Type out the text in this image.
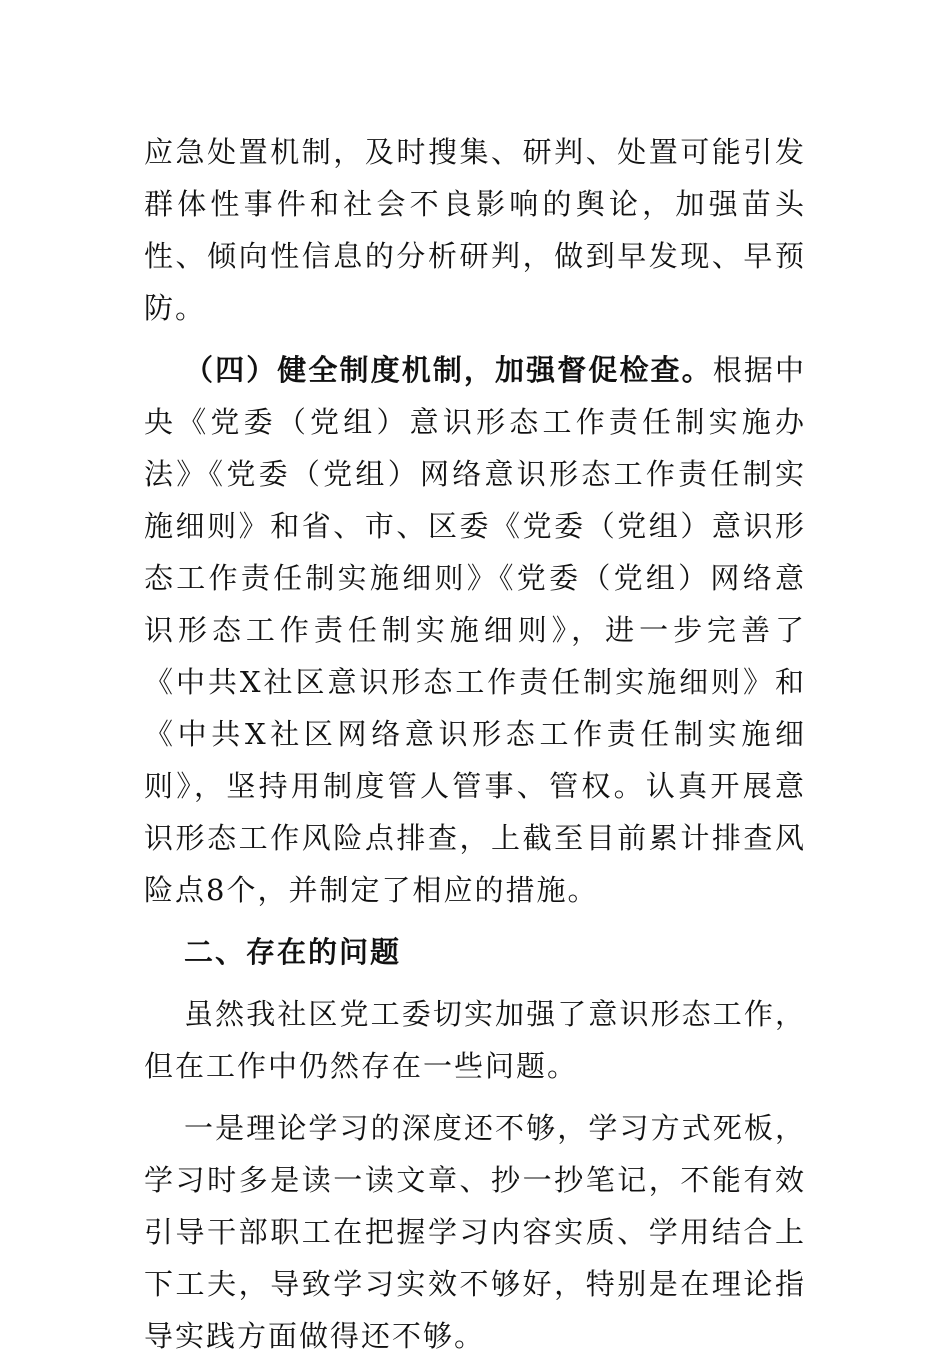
应急处置机制，及时搜集、研判、处置可能引发群体性事件和社会不良影响的舆论，加强苗头性、倾向性信息的分析研判，做到早发现、早预防。

（四）健全制度机制，加强督促检查。根据中央《党委（党组）意识形态工作责任制实施办法》《党委（党组）网络意识形态工作责任制实施细则》和省、市、区委《党委（党组）意识形态工作责任制实施细则》《党委（党组）网络意识形态工作责任制实施细则》，进一步完善了《中共X社区意识形态工作责任制实施细则》和《中共X社区网络意识形态工作责任制实施细则》，坚持用制度管人管事、管权。认真开展意识形态工作风险点排查，上截至目前累计排查风险点8个，并制定了相应的措施。

二、存在的问题

虽然我社区党工委切实加强了意识形态工作，但在工作中仍然存在一些问题。

一是理论学习的深度还不够，学习方式死板，学习时多是读一读文章、抄一抄笔记，不能有效引导干部职工在把握学习内容实质、学用结合上下工夫，导致学习实效不够好，特别是在理论指导实践方面做得还不够。
